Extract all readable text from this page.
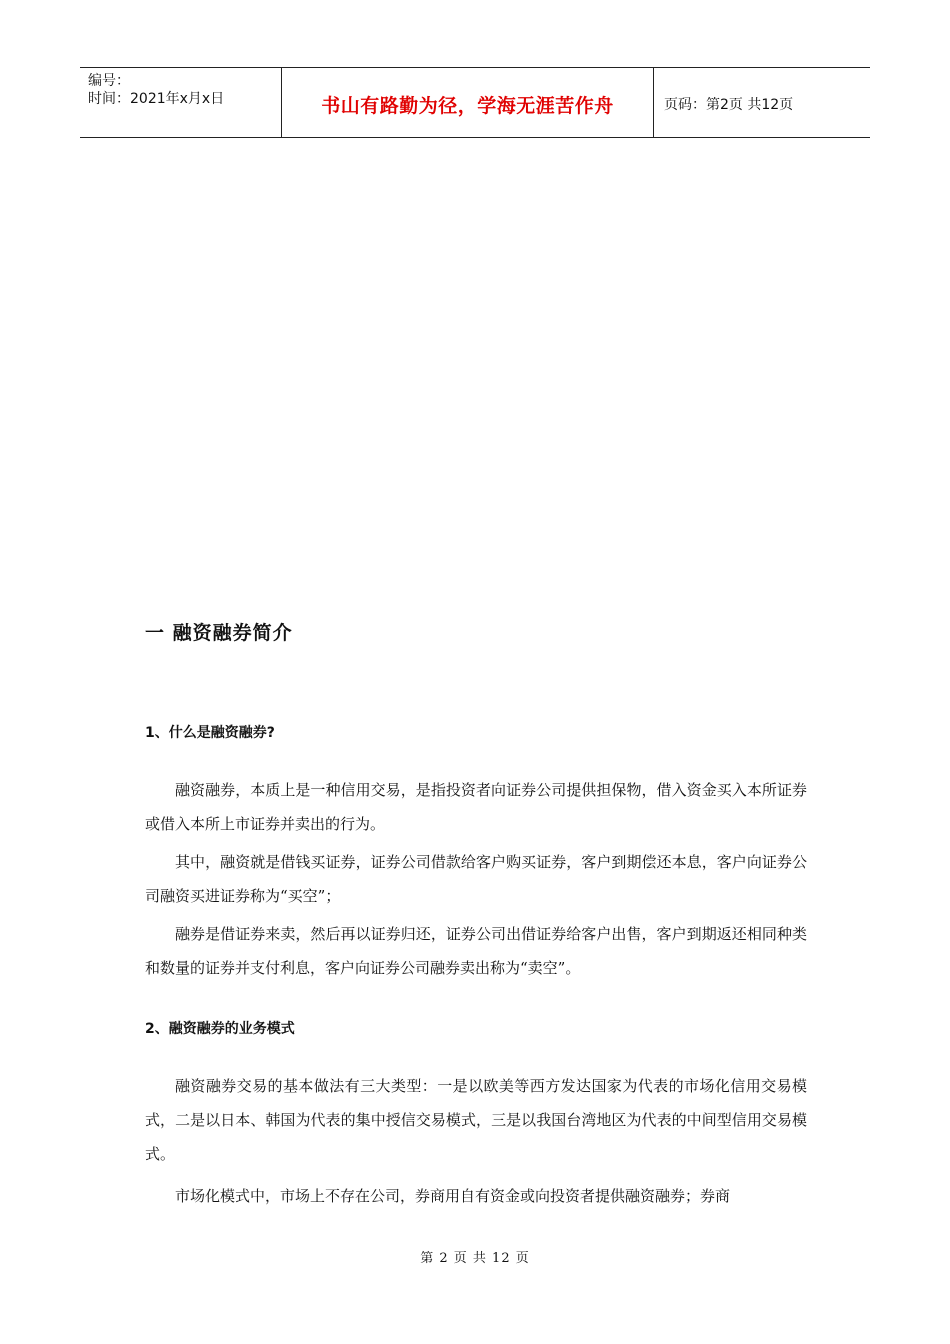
编号：
时间：2021年x月x日	书山有路勤为径，学海无涯苦作舟	页码：第2页 共12页
一 融资融券简介
1、什么是融资融券?

融资融券，本质上是一种信用交易，是指投资者向证券公司提供担保物，借入资金买入本所证券或借入本所上市证券并卖出的行为。

其中，融资就是借钱买证券，证券公司借款给客户购买证券，客户到期偿还本息，客户向证券公司融资买进证券称为“买空”；

融券是借证券来卖，然后再以证券归还，证券公司出借证券给客户出售，客户到期返还相同种类和数量的证券并支付利息，客户向证券公司融券卖出称为“卖空”。

2、融资融券的业务模式

融资融券交易的基本做法有三大类型：一是以欧美等西方发达国家为代表的市场化信用交易模式，二是以日本、韩国为代表的集中授信交易模式，三是以我国台湾地区为代表的中间型信用交易模式。

市场化模式中，市场上不存在公司，券商用自有资金或向投资者提供融资融券；券商

第 2 页 共 12 页
